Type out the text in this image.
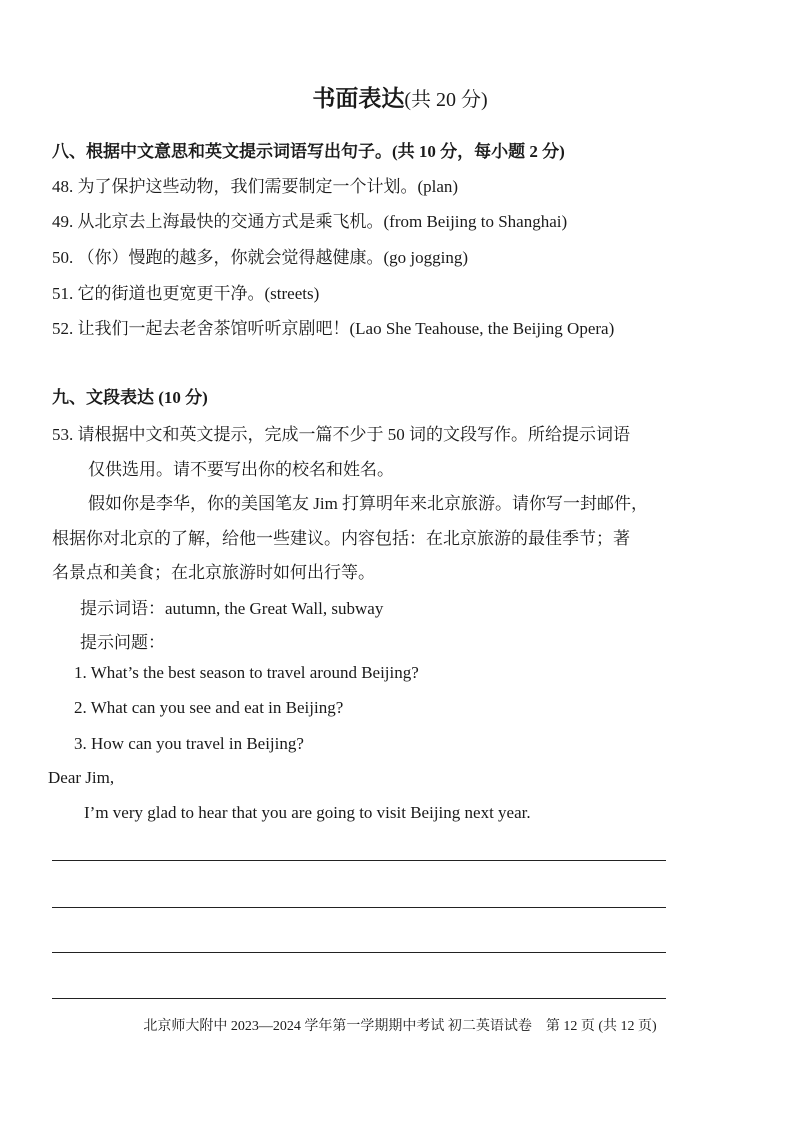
书面表达(共 20 分)
八、根据中文意思和英文提示词语写出句子。(共 10 分，每小题 2 分)
48. 为了保护这些动物，我们需要制定一个计划。(plan)
49. 从北京去上海最快的交通方式是乘飞机。(from Beijing to Shanghai)
50. （你）慢跑的越多，你就会觉得越健康。(go jogging)
51. 它的街道也更宽更干净。(streets)
52. 让我们一起去老舍茶馆听听京剧吧！(Lao She Teahouse, the Beijing Opera)
九、文段表达 (10 分)
53. 请根据中文和英文提示，完成一篇不少于 50 词的文段写作。所给提示词语
仅供选用。请不要写出你的校名和姓名。
假如你是李华，你的美国笔友 Jim 打算明年来北京旅游。请你写一封邮件，
根据你对北京的了解，给他一些建议。内容包括：在北京旅游的最佳季节；著
名景点和美食；在北京旅游时如何出行等。
提示词语：autumn, the Great Wall, subway
提示问题：
1. What’s the best season to travel around Beijing?
2. What can you see and eat in Beijing?
3. How can you travel in Beijing?
Dear Jim,
I’m very glad to hear that you are going to visit Beijing next year.
北京师大附中 2023—2024 学年第一学期期中考试 初二英语试卷　第 12 页 (共 12 页)
